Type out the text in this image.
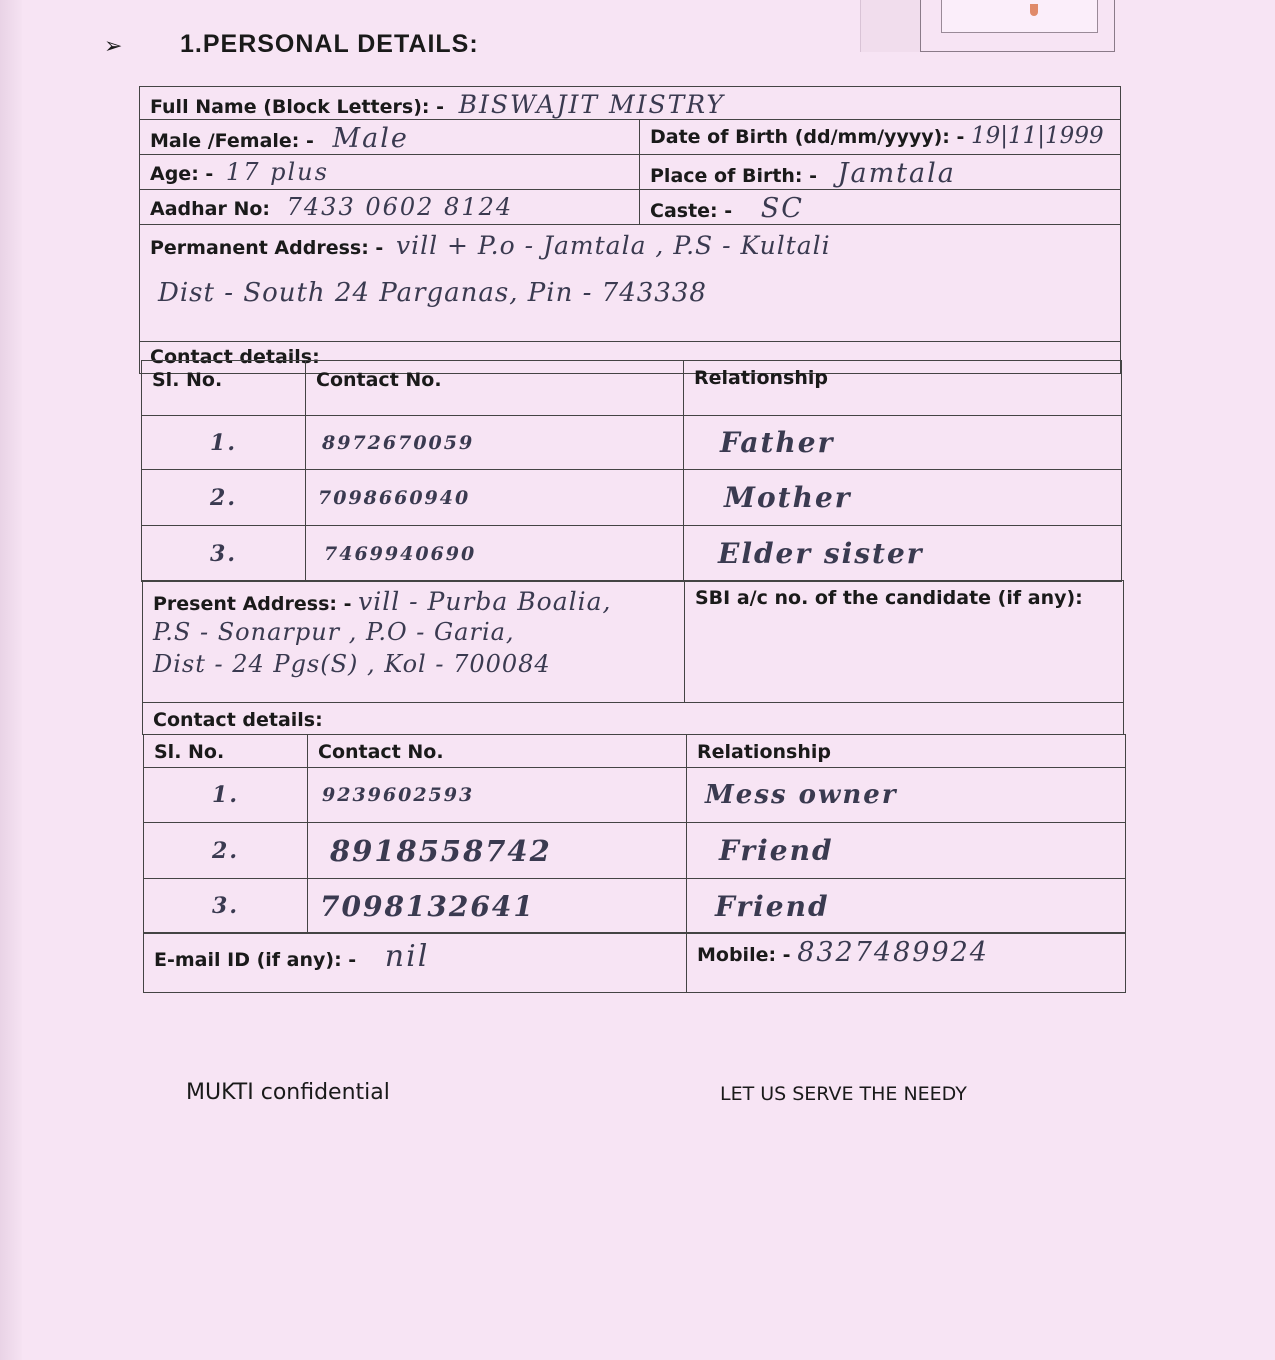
➢ 1.PERSONAL DETAILS:
Full Name (Block Letters): - BISWAJIT MISTRY	
Male /Female: - Male	Date of Birth (dd/mm/yyyy): - 19|11|1999
Age: - 17 plus	Place of Birth: - Jamtala
Aadhar No: 7433 0602 8124	Caste: - SC
Permanent Address: - vill + P.o - Jamtala , P.S - Kultali
Dist - South 24 Parganas, Pin - 743338	

Contact details:	
Sl. No.	Contact No.	Relationship
1.	8972670059	Father
2.	7098660940	Mother
3.	7469940690	Elder sister
Present Address: - vill - Purba Boalia,
P.S - Sonarpur , P.O - Garia,
Dist - 24 Pgs(S) , Kol - 700084
	SBI a/c no. of the candidate (if any):
Contact details:
Sl. No.	Contact No.	Relationship
1.	9239602593	Mess owner
2.	8918558742	Friend
3.	7098132641	Friend
E-mail ID (if any): - nil	Mobile: - 8327489924
MUKTI confidential	LET US SERVE THE NEEDY
